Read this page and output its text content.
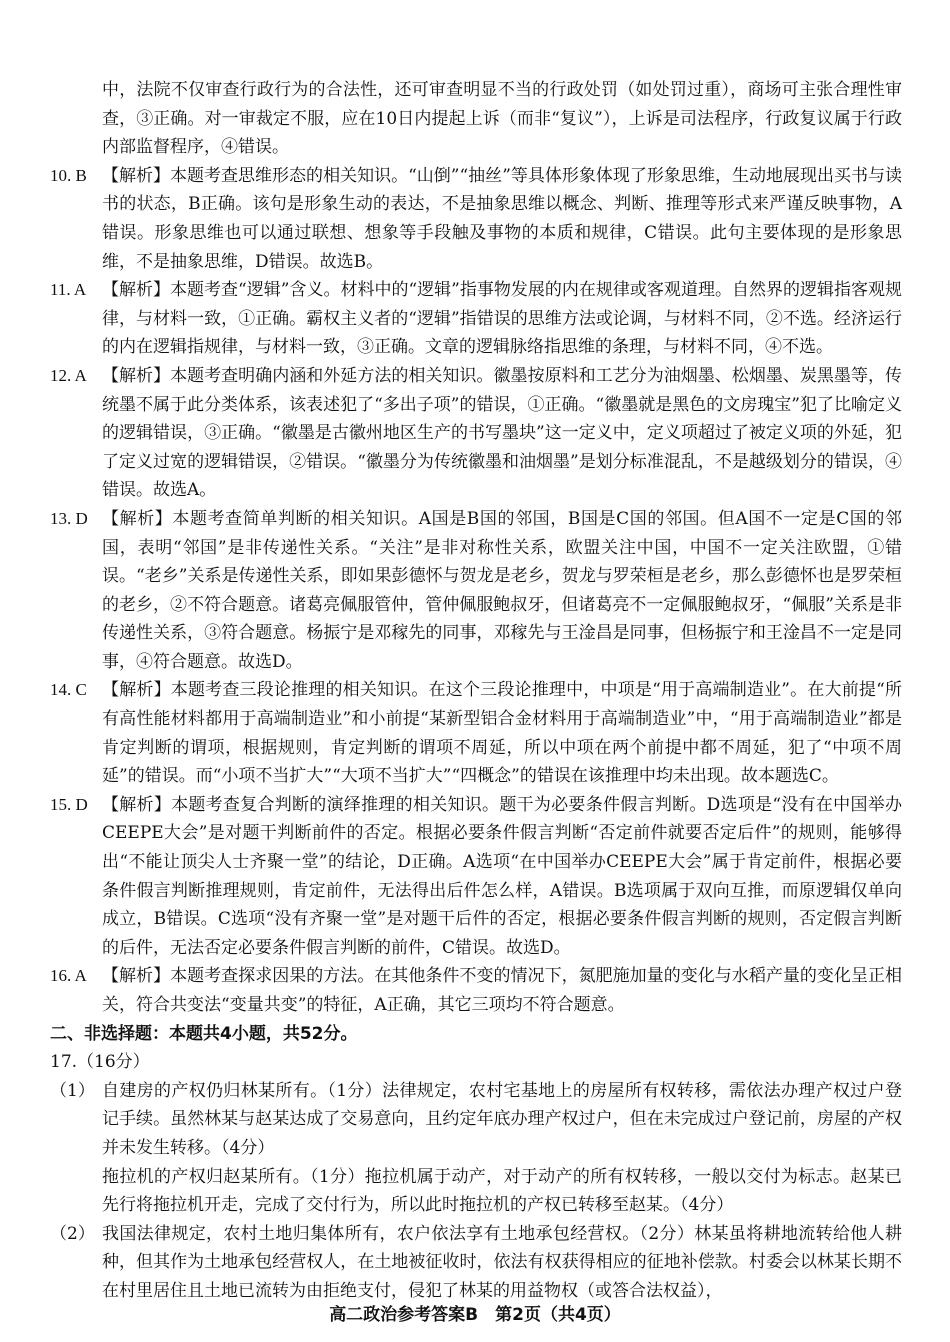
中，法院不仅审查行政行为的合法性，还可审查明显不当的行政处罚（如处罚过重），商场可主张合理性审查，③正确。对一审裁定不服，应在10日内提起上诉（而非“复议”），上诉是司法程序，行政复议属于行政内部监督程序，④错误。

10. B 【解析】本题考查思维形态的相关知识。“山倒”“抽丝”等具体形象体现了形象思维，生动地展现出买书与读书的状态，B正确。该句是形象生动的表达，不是抽象思维以概念、判断、推理等形式来严谨反映事物，A错误。形象思维也可以通过联想、想象等手段触及事物的本质和规律，C错误。此句主要体现的是形象思维，不是抽象思维，D错误。故选B。
11. A 【解析】本题考查“逻辑”含义。材料中的“逻辑”指事物发展的内在规律或客观道理。自然界的逻辑指客观规律，与材料一致，①正确。霸权主义者的“逻辑”指错误的思维方法或论调，与材料不同，②不选。经济运行的内在逻辑指规律，与材料一致，③正确。文章的逻辑脉络指思维的条理，与材料不同，④不选。
12. A 【解析】本题考查明确内涵和外延方法的相关知识。徽墨按原料和工艺分为油烟墨、松烟墨、炭黑墨等，传统墨不属于此分类体系，该表述犯了“多出子项”的错误，①正确。“徽墨就是黑色的文房瑰宝”犯了比喻定义的逻辑错误，③正确。“徽墨是古徽州地区生产的书写墨块”这一定义中，定义项超过了被定义项的外延，犯了定义过宽的逻辑错误，②错误。“徽墨分为传统徽墨和油烟墨”是划分标准混乱，不是越级划分的错误，④错误。故选A。
13. D 【解析】本题考查简单判断的相关知识。A国是B国的邻国，B国是C国的邻国。但A国不一定是C国的邻国，表明“邻国”是非传递性关系。“关注”是非对称性关系，欧盟关注中国，中国不一定关注欧盟，①错误。“老乡”关系是传递性关系，即如果彭德怀与贺龙是老乡，贺龙与罗荣桓是老乡，那么彭德怀也是罗荣桓的老乡，②不符合题意。诸葛亮佩服管仲，管仲佩服鲍叔牙，但诸葛亮不一定佩服鲍叔牙，“佩服”关系是非传递性关系，③符合题意。杨振宁是邓稼先的同事，邓稼先与王淦昌是同事，但杨振宁和王淦昌不一定是同事，④符合题意。故选D。
14. C 【解析】本题考查三段论推理的相关知识。在这个三段论推理中，中项是“用于高端制造业”。在大前提“所有高性能材料都用于高端制造业”和小前提“某新型铝合金材料用于高端制造业”中，“用于高端制造业”都是肯定判断的谓项，根据规则，肯定判断的谓项不周延，所以中项在两个前提中都不周延，犯了“中项不周延”的错误。而“小项不当扩大”“大项不当扩大”“四概念”的错误在该推理中均未出现。故本题选C。
15. D 【解析】本题考查复合判断的演绎推理的相关知识。题干为必要条件假言判断。D选项是“没有在中国举办CEEPE大会”是对题干判断前件的否定。根据必要条件假言判断“否定前件就要否定后件”的规则，能够得出“不能让顶尖人士齐聚一堂”的结论，D正确。A选项“在中国举办CEEPE大会”属于肯定前件，根据必要条件假言判断推理规则，肯定前件，无法得出后件怎么样，A错误。B选项属于双向互推，而原逻辑仅单向成立，B错误。C选项“没有齐聚一堂”是对题干后件的否定，根据必要条件假言判断的规则，否定假言判断的后件，无法否定必要条件假言判断的前件，C错误。故选D。
16. A 【解析】本题考查探求因果的方法。在其他条件不变的情况下，氮肥施加量的变化与水稻产量的变化呈正相关，符合共变法“变量共变”的特征，A正确，其它三项均不符合题意。

二、非选择题：本题共4小题，共52分。

17.（16分）

（1） 自建房的产权仍归林某所有。（1分）法律规定，农村宅基地上的房屋所有权转移，需依法办理产权过户登记手续。虽然林某与赵某达成了交易意向，且约定年底办理产权过户，但在未完成过户登记前，房屋的产权并未发生转移。（4分）

拖拉机的产权归赵某所有。（1分）拖拉机属于动产，对于动产的所有权转移，一般以交付为标志。赵某已先行将拖拉机开走，完成了交付行为，所以此时拖拉机的产权已转移至赵某。（4分）

（2） 我国法律规定，农村土地归集体所有，农户依法享有土地承包经营权。（2分）林某虽将耕地流转给他人耕种，但其作为土地承包经营权人，在土地被征收时，依法有权获得相应的征地补偿款。村委会以林某长期不在村里居住且土地已流转为由拒绝支付，侵犯了林某的用益物权（或答合法权益），

高二政治参考答案B　第2页（共4页）
